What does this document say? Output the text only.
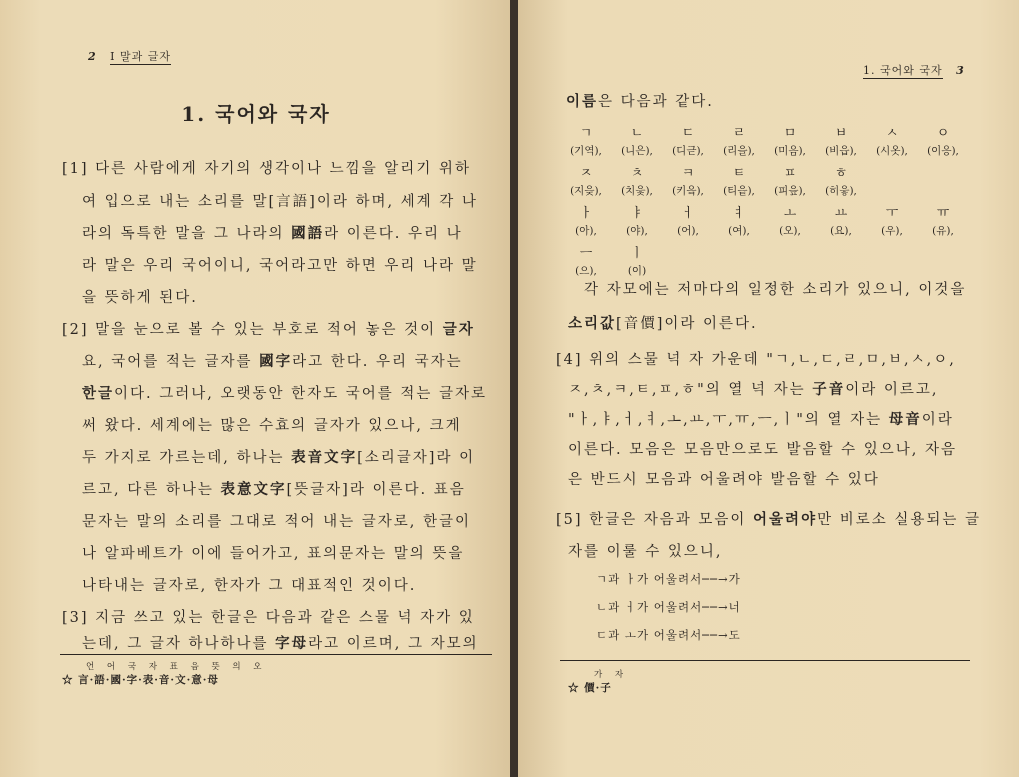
2 Ⅰ 말과 글자
1. 국어와 국자
[1] 다른 사람에게 자기의 생각이나 느낌을 알리기 위하
여 입으로 내는 소리를 말[言語]이라 하며, 세계 각 나
라의 독특한 말을 그 나라의 國語라 이른다. 우리 나
라 말은 우리 국어이니, 국어라고만 하면 우리 나라 말
을 뜻하게 된다.
[2] 말을 눈으로 볼 수 있는 부호로 적어 놓은 것이 글자
요, 국어를 적는 글자를 國字라고 한다. 우리 국자는
한글이다. 그러나, 오랫동안 한자도 국어를 적는 글자로
써 왔다. 세계에는 많은 수효의 글자가 있으나, 크게
두 가지로 가르는데, 하나는 表音文字[소리글자]라 이
르고, 다른 하나는 表意文字[뜻글자]라 이른다. 표음
문자는 말의 소리를 그대로 적어 내는 글자로, 한글이
나 알파베트가 이에 들어가고, 표의문자는 말의 뜻을
나타내는 글자로, 한자가 그 대표적인 것이다.
[3] 지금 쓰고 있는 한글은 다음과 같은 스물 넉 자가 있
는데, 그 글자 하나하나를 字母라고 이르며, 그 자모의
언 어 국 자 표 음 뜻 의 오
☆ 言·語·國·字·表·音·文·意·母
1. 국어와 국자 3
이름은 다음과 같다.
ㄱ
(기역),
ㄴ
(니은),
ㄷ
(디귿),
ㄹ
(리을),
ㅁ
(미음),
ㅂ
(비읍),
ㅅ
(시옷),
ㅇ
(이응),
ㅈ
(지읒),
ㅊ
(치읓),
ㅋ
(키읔),
ㅌ
(티읕),
ㅍ
(피읖),
ㅎ
(히읗),
ㅏ
(아),
ㅑ
(야),
ㅓ
(어),
ㅕ
(여),
ㅗ
(오),
ㅛ
(요),
ㅜ
(우),
ㅠ
(유),
ㅡ
(으),
ㅣ
(이)
각 자모에는 저마다의 일정한 소리가 있으니, 이것을
소리값[音價]이라 이른다.
[4] 위의 스물 넉 자 가운데 "ㄱ,ㄴ,ㄷ,ㄹ,ㅁ,ㅂ,ㅅ,ㅇ,
ㅈ,ㅊ,ㅋ,ㅌ,ㅍ,ㅎ"의 열 넉 자는 子音이라 이르고,
"ㅏ,ㅑ,ㅓ,ㅕ,ㅗ,ㅛ,ㅜ,ㅠ,ㅡ,ㅣ"의 열 자는 母音이라
이른다. 모음은 모음만으로도 발음할 수 있으나, 자음
은 반드시 모음과 어울려야 발음할 수 있다
[5] 한글은 자음과 모음이 어울려야만 비로소 실용되는 글
자를 이룰 수 있으니,
ㄱ과 ㅏ가 어울려서──→가
ㄴ과 ㅓ가 어울려서──→너
ㄷ과 ㅗ가 어울려서──→도
가 자
☆ 價·子
